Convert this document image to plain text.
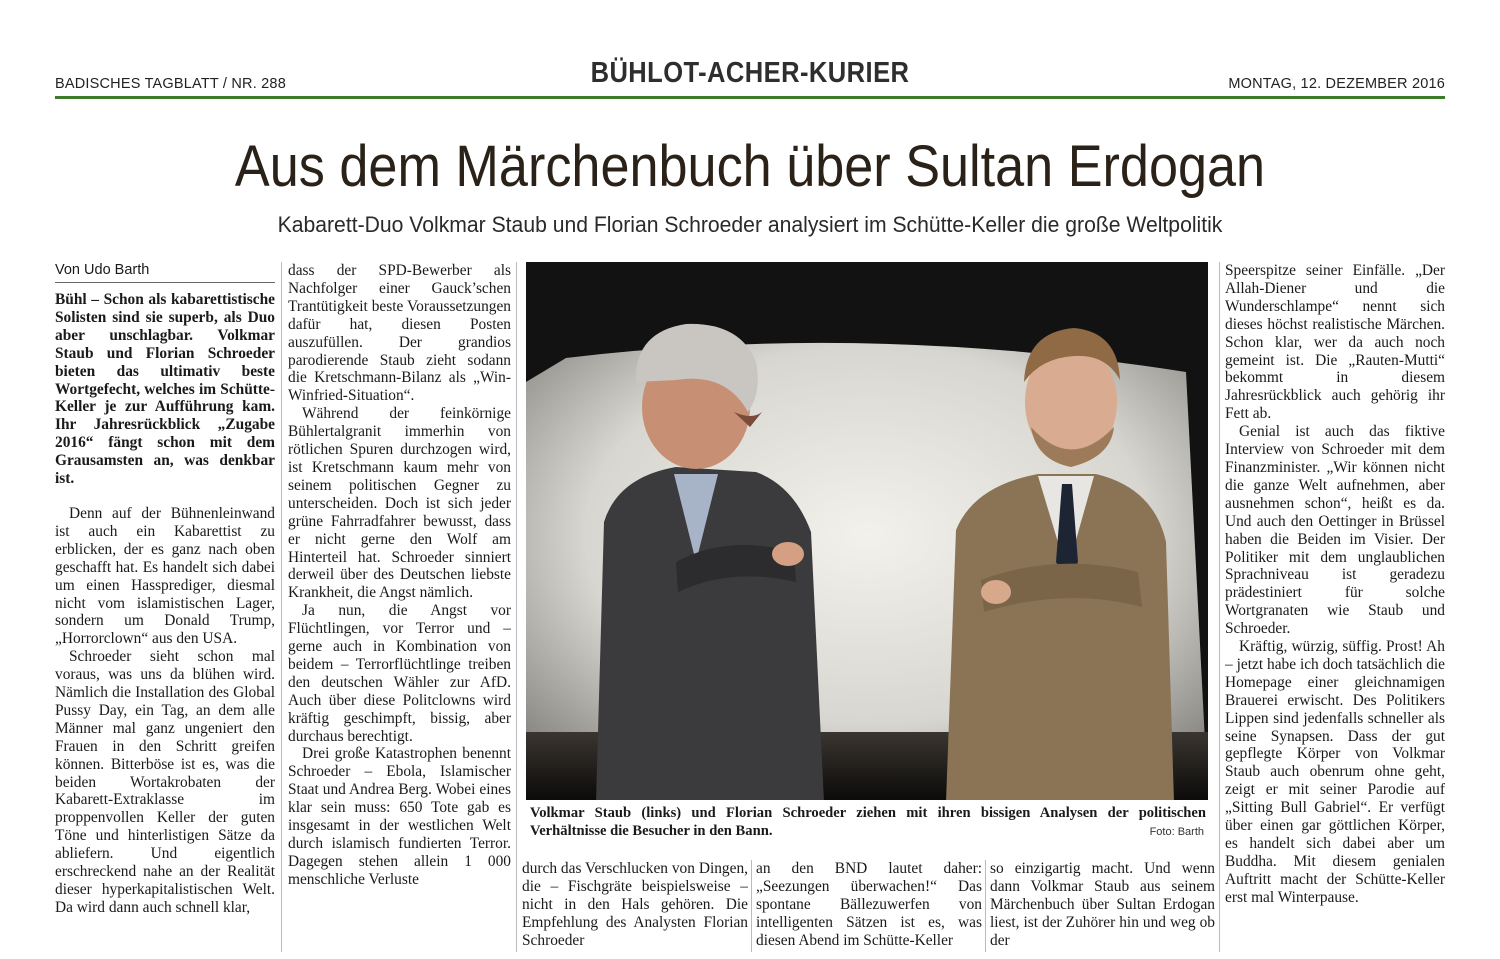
BADISCHES TAGBLATT / NR. 288	BÜHLOT-ACHER-KURIER	MONTAG, 12. DEZEMBER 2016
Aus dem Märchenbuch über Sultan Erdogan
Kabarett-Duo Volkmar Staub und Florian Schroeder analysiert im Schütte-Keller die große Weltpolitik
Von Udo Barth

Bühl – Schon als kabarettistische Solisten sind sie superb, als Duo aber unschlagbar. Volkmar Staub und Florian Schroeder bieten das ultimativ beste Wortgefecht, welches im Schütte-Keller je zur Aufführung kam. Ihr Jahresrückblick „Zugabe 2016“ fängt schon mit dem Grausamsten an, was denkbar ist.

Denn auf der Bühnenleinwand ist auch ein Kabarettist zu erblicken, der es ganz nach oben geschafft hat. Es handelt sich dabei um einen Hassprediger, diesmal nicht vom islamistischen Lager, sondern um Donald Trump, „Horrorclown“ aus den USA.

Schroeder sieht schon mal voraus, was uns da blühen wird. Nämlich die Installation des Global Pussy Day, ein Tag, an dem alle Männer mal ganz ungeniert den Frauen in den Schritt greifen können. Bitterböse ist es, was die beiden Wortakrobaten der Kabarett-Extraklasse im proppenvollen Keller der guten Töne und hinterlistigen Sätze da abliefern. Und eigentlich erschreckend nahe an der Realität dieser hyperkapitalistischen Welt. Da wird dann auch schnell klar,

dass der SPD-Bewerber als Nachfolger einer Gauck’schen Trantütigkeit beste Voraussetzungen dafür hat, diesen Posten auszufüllen. Der grandios parodierende Staub zieht sodann die Kretschmann-Bilanz als „Win-Winfried-Situation“.

Während der feinkörnige Bühlertalgranit immerhin von rötlichen Spuren durchzogen wird, ist Kretschmann kaum mehr von seinem politischen Gegner zu unterscheiden. Doch ist sich jeder grüne Fahrradfahrer bewusst, dass er nicht gerne den Wolf am Hinterteil hat. Schroeder sinniert derweil über des Deutschen liebste Krankheit, die Angst nämlich.

Ja nun, die Angst vor Flüchtlingen, vor Terror und – gerne auch in Kombination von beidem – Terrorflüchtlinge treiben den deutschen Wähler zur AfD. Auch über diese Politclowns wird kräftig geschimpft, bissig, aber durchaus berechtigt.

Drei große Katastrophen benennt Schroeder – Ebola, Islamischer Staat und Andrea Berg. Wobei eines klar sein muss: 650 Tote gab es insgesamt in der westlichen Welt durch islamisch fundierten Terror. Dagegen stehen allein 1 000 menschliche Verluste

Volkmar Staub (links) und Florian Schroeder ziehen mit ihren bissigen Analysen der politischen Verhältnisse die Besucher in den Bann.	Foto: Barth

durch das Verschlucken von Dingen, die – Fischgräte beispielsweise – nicht in den Hals gehören. Die Empfehlung des Analysten Florian Schroeder

an den BND lautet daher: „Seezungen überwachen!“ Das spontane Bällezuwerfen von intelligenten Sätzen ist es, was diesen Abend im Schütte-Keller

so einzigartig macht. Und wenn dann Volkmar Staub aus seinem Märchenbuch über Sultan Erdogan liest, ist der Zuhörer hin und weg ob der

Speerspitze seiner Einfälle. „Der Allah-Diener und die Wunderschlampe“ nennt sich dieses höchst realistische Märchen. Schon klar, wer da auch noch gemeint ist. Die „Rauten-Mutti“ bekommt in diesem Jahresrückblick auch gehörig ihr Fett ab.

Genial ist auch das fiktive Interview von Schroeder mit dem Finanzminister. „Wir können nicht die ganze Welt aufnehmen, aber ausnehmen schon“, heißt es da. Und auch den Oettinger in Brüssel haben die Beiden im Visier. Der Politiker mit dem unglaublichen Sprachniveau ist geradezu prädestiniert für solche Wortgranaten wie Staub und Schroeder.

Kräftig, würzig, süffig. Prost! Ah – jetzt habe ich doch tatsächlich die Homepage einer gleichnamigen Brauerei erwischt. Des Politikers Lippen sind jedenfalls schneller als seine Synapsen. Dass der gut gepflegte Körper von Volkmar Staub auch obenrum ohne geht, zeigt er mit seiner Parodie auf „Sitting Bull Gabriel“. Er verfügt über einen gar göttlichen Körper, es handelt sich dabei aber um Buddha. Mit diesem genialen Auftritt macht der Schütte-Keller erst mal Winterpause.
